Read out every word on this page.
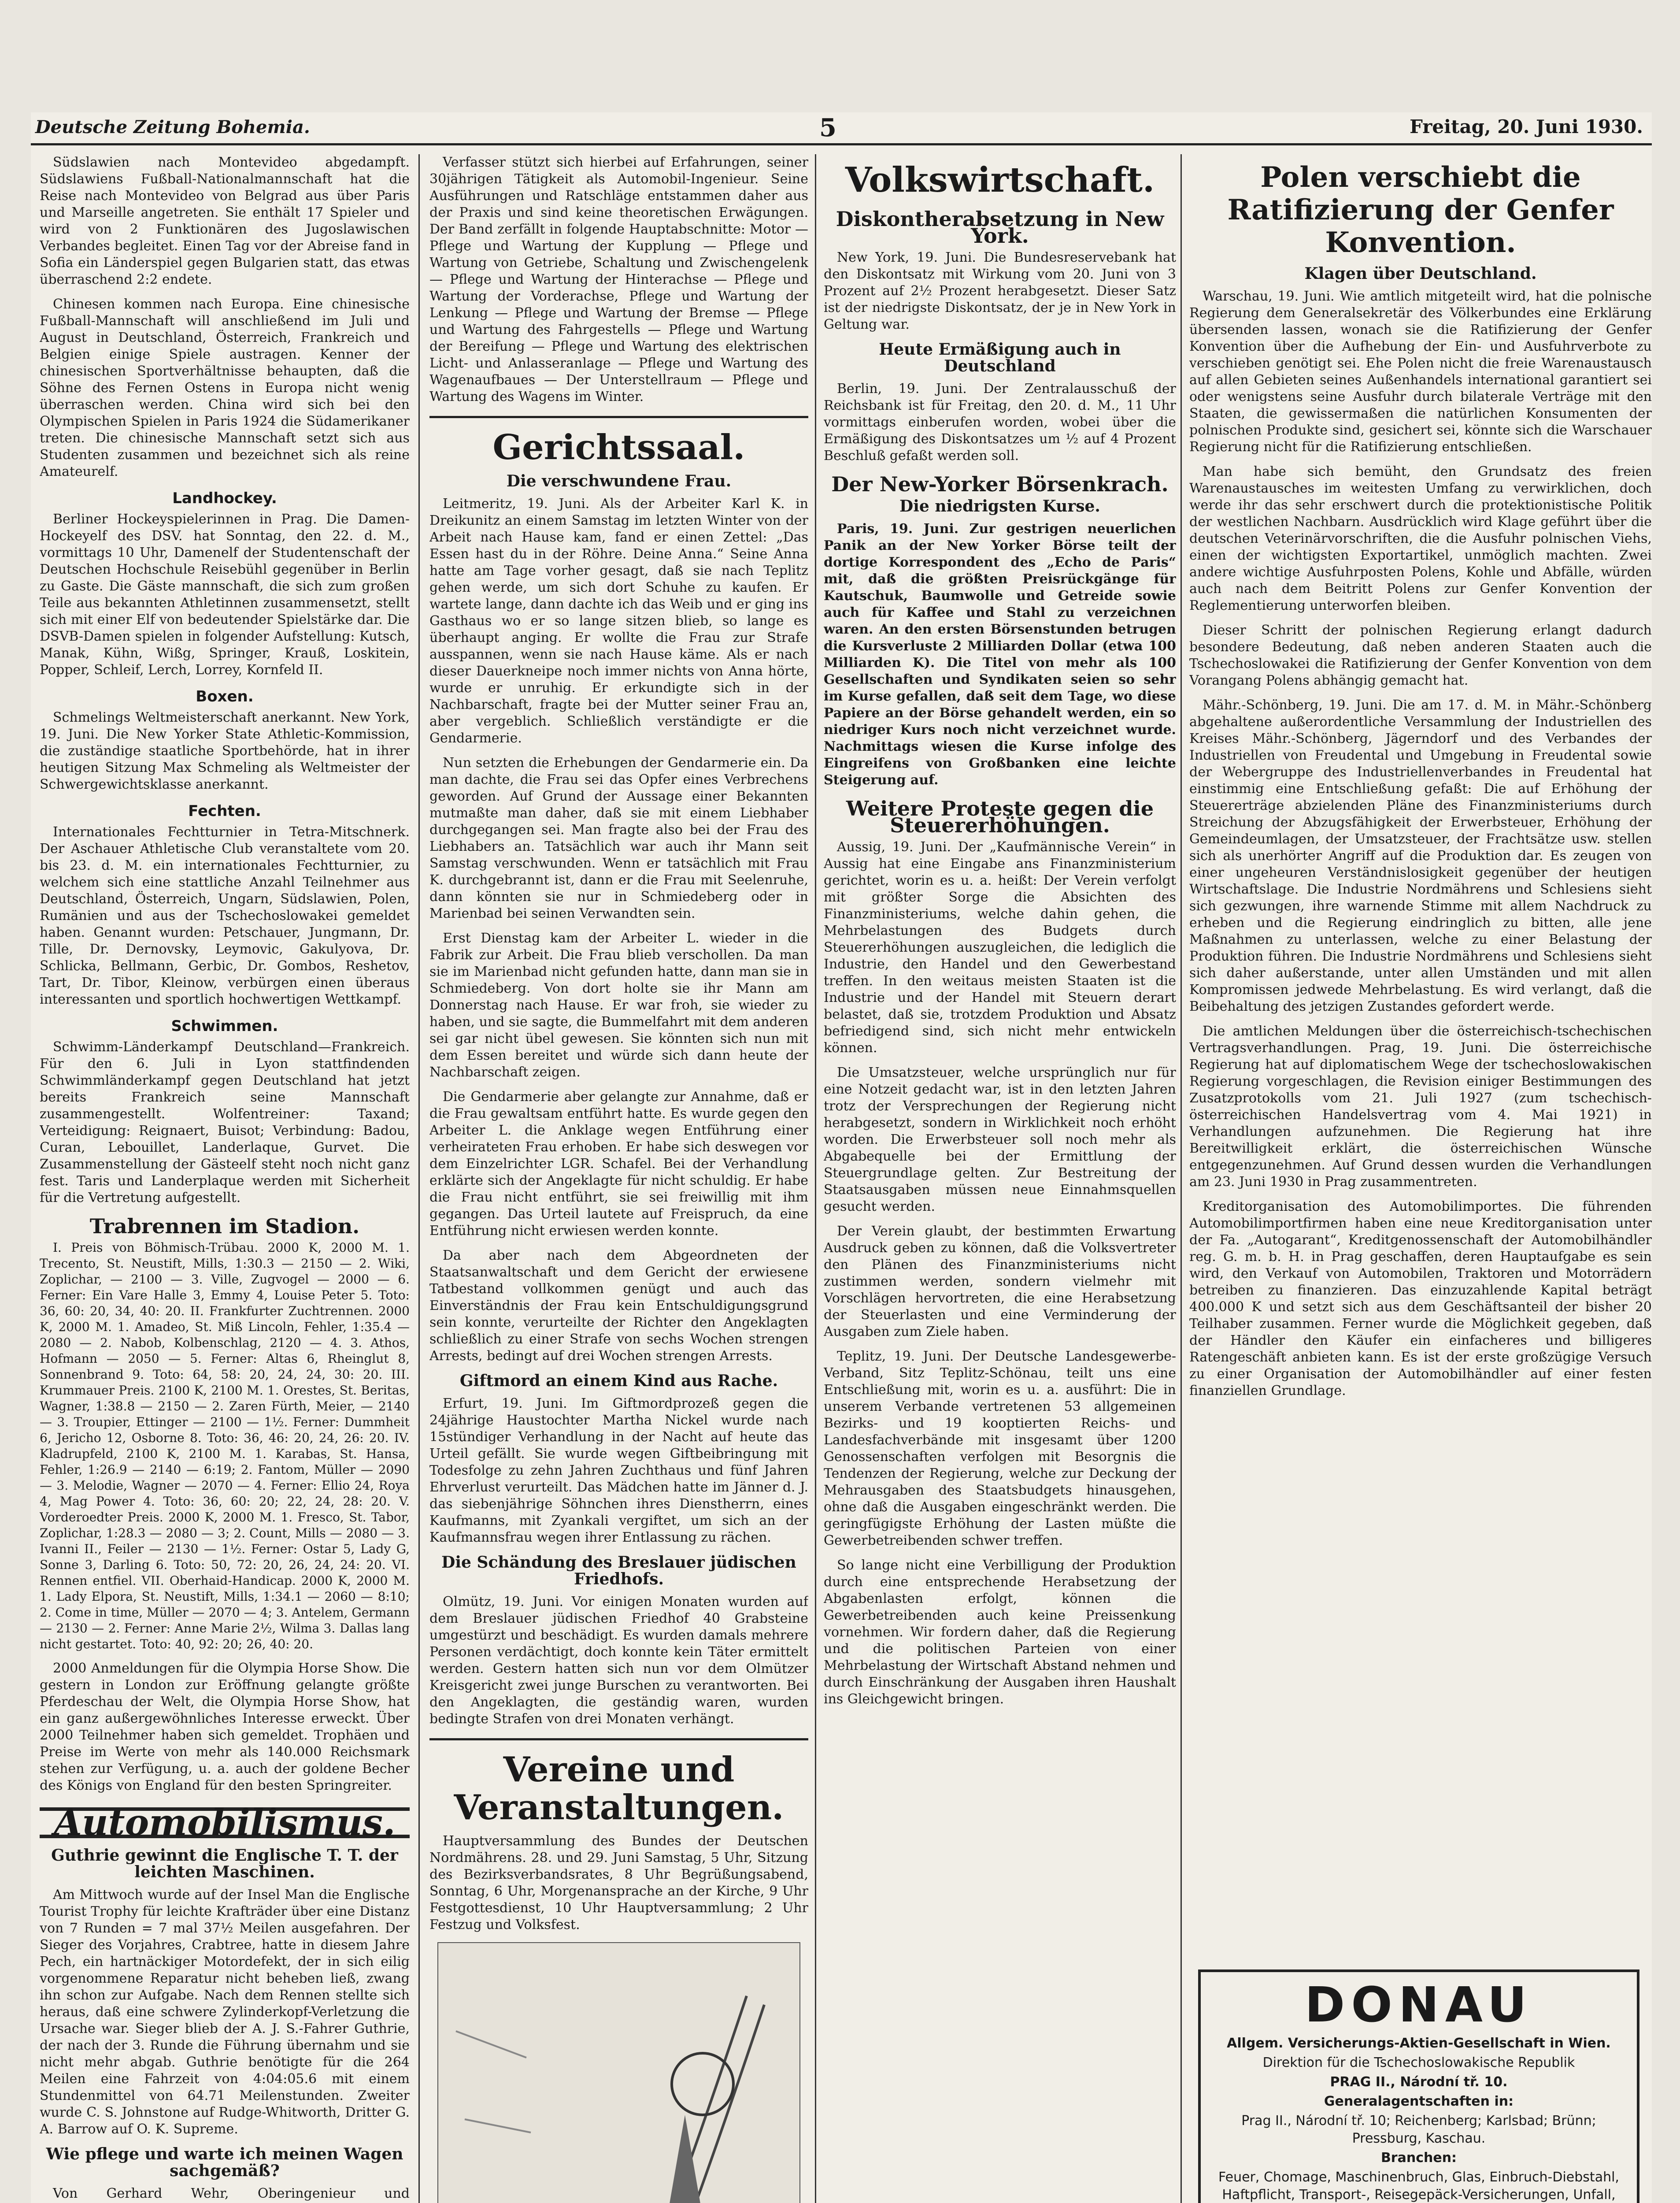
Deutsche Zeitung Bohemia.	5	Freitag, 20. Juni 1930.

Südslawien nach Montevideo abgedampft. Südslawiens Fußball-Nationalmannschaft hat die Reise nach Montevideo von Belgrad aus über Paris und Marseille angetreten. Sie enthält 17 Spieler und wird von 2 Funktionären des Jugoslawischen Verbandes begleitet. Einen Tag vor der Abreise fand in Sofia ein Länderspiel gegen Bulgarien statt, das etwas überraschend 2:2 endete.

Chinesen kommen nach Europa. Eine chinesische Fußball-Mannschaft will anschließend im Juli und August in Deutschland, Österreich, Frankreich und Belgien einige Spiele austragen. Kenner der chinesischen Sportverhältnisse behaupten, daß die Söhne des Fernen Ostens in Europa nicht wenig überraschen werden. China wird sich bei den Olympischen Spielen in Paris 1924 die Südamerikaner treten. Die chinesische Mannschaft setzt sich aus Studenten zusammen und bezeichnet sich als reine Amateurelf.

Landhockey.

Berliner Hockeyspielerinnen in Prag. Die Damen-Hockeyelf des DSV. hat Sonntag, den 22. d. M., vormittags 10 Uhr, Damenelf der Studentenschaft der Deutschen Hochschule Reisebühl gegenüber in Berlin zu Gaste. Die Gäste mannschaft, die sich zum großen Teile aus bekannten Athletinnen zusammensetzt, stellt sich mit einer Elf von bedeutender Spielstärke dar. Die DSVB-Damen spielen in folgender Aufstellung: Kutsch, Manak, Kühn, Wißg, Springer, Krauß, Loskitein, Popper, Schleif, Lerch, Lorrey, Kornfeld II.

Boxen.

Schmelings Weltmeisterschaft anerkannt. New York, 19. Juni. Die New Yorker State Athletic-Kommission, die zuständige staatliche Sportbehörde, hat in ihrer heutigen Sitzung Max Schmeling als Weltmeister der Schwergewichtsklasse anerkannt.

Fechten.

Internationales Fechtturnier in Tetra-Mitschnerk. Der Aschauer Athletische Club veranstaltete vom 20. bis 23. d. M. ein internationales Fechtturnier, zu welchem sich eine stattliche Anzahl Teilnehmer aus Deutschland, Österreich, Ungarn, Südslawien, Polen, Rumänien und aus der Tschechoslowakei gemeldet haben. Genannt wurden: Petschauer, Jungmann, Dr. Tille, Dr. Dernovsky, Leymovic, Gakulyova, Dr. Schlicka, Bellmann, Gerbic, Dr. Gombos, Reshetov, Tart, Dr. Tibor, Kleinow, verbürgen einen überaus interessanten und sportlich hochwertigen Wettkampf.

Schwimmen.

Schwimm-Länderkampf Deutschland—Frankreich. Für den 6. Juli in Lyon stattfindenden Schwimmländerkampf gegen Deutschland hat jetzt bereits Frankreich seine Mannschaft zusammengestellt. Wolfentreiner: Taxand; Verteidigung: Reignaert, Buisot; Verbindung: Badou, Curan, Lebouillet, Landerlaque, Gurvet. Die Zusammenstellung der Gästeelf steht noch nicht ganz fest. Taris und Landerplaque werden mit Sicherheit für die Vertretung aufgestellt.

Trabrennen im Stadion.

I. Preis von Böhmisch-Trübau. 2000 K, 2000 M. 1. Trecento, St. Neustift, Mills, 1:30.3 — 2150 — 2. Wiki, Zoplichar, — 2100 — 3. Ville, Zugvogel — 2000 — 6. Ferner: Ein Vare Halle 3, Emmy 4, Louise Peter 5. Toto: 36, 60: 20, 34, 40: 20. II. Frankfurter Zuchtrennen. 2000 K, 2000 M. 1. Amadeo, St. Miß Lincoln, Fehler, 1:35.4 — 2080 — 2. Nabob, Kolbenschlag, 2120 — 4. 3. Athos, Hofmann — 2050 — 5. Ferner: Altas 6, Rheinglut 8, Sonnenbrand 9. Toto: 64, 58: 20, 24, 24, 30: 20. III. Krummauer Preis. 2100 K, 2100 M. 1. Orestes, St. Beritas, Wagner, 1:38.8 — 2150 — 2. Zaren Fürth, Meier, — 2140 — 3. Troupier, Ettinger — 2100 — 1½. Ferner: Dummheit 6, Jericho 12, Osborne 8. Toto: 36, 46: 20, 24, 26: 20. IV. Kladrupfeld, 2100 K, 2100 M. 1. Karabas, St. Hansa, Fehler, 1:26.9 — 2140 — 6:19; 2. Fantom, Müller — 2090 — 3. Melodie, Wagner — 2070 — 4. Ferner: Ellio 24, Roya 4, Mag Power 4. Toto: 36, 60: 20; 22, 24, 28: 20. V. Vorderoedter Preis. 2000 K, 2000 M. 1. Fresco, St. Tabor, Zoplichar, 1:28.3 — 2080 — 3; 2. Count, Mills — 2080 — 3. Ivanni II., Feiler — 2130 — 1½. Ferner: Ostar 5, Lady G, Sonne 3, Darling 6. Toto: 50, 72: 20, 26, 24, 24: 20. VI. Rennen entfiel. VII. Oberhaid-Handicap. 2000 K, 2000 M. 1. Lady Elpora, St. Neustift, Mills, 1:34.1 — 2060 — 8:10; 2. Come in time, Müller — 2070 — 4; 3. Antelem, Germann — 2130 — 2. Ferner: Anne Marie 2½, Wilma 3. Dallas lang nicht gestartet. Toto: 40, 92: 20; 26, 40: 20.

2000 Anmeldungen für die Olympia Horse Show. Die gestern in London zur Eröffnung gelangte größte Pferdeschau der Welt, die Olympia Horse Show, hat ein ganz außergewöhnliches Interesse erweckt. Über 2000 Teilnehmer haben sich gemeldet. Trophäen und Preise im Werte von mehr als 140.000 Reichsmark stehen zur Verfügung, u. a. auch der goldene Becher des Königs von England für den besten Springreiter.

Automobilismus.
Guthrie gewinnt die Englische T. T. der leichten Maschinen.

Am Mittwoch wurde auf der Insel Man die Englische Tourist Trophy für leichte Krafträder über eine Distanz von 7 Runden = 7 mal 37½ Meilen ausgefahren. Der Sieger des Vorjahres, Crabtree, hatte in diesem Jahre Pech, ein hartnäckiger Motordefekt, der in sich eilig vorgenommene Reparatur nicht beheben ließ, zwang ihn schon zur Aufgabe. Nach dem Rennen stellte sich heraus, daß eine schwere Zylinderkopf-Verletzung die Ursache war. Sieger blieb der A. J. S.-Fahrer Guthrie, der nach der 3. Runde die Führung übernahm und sie nicht mehr abgab. Guthrie benötigte für die 264 Meilen eine Fahrzeit von 4:04:05.6 mit einem Stundenmittel von 64.71 Meilenstunden. Zweiter wurde C. S. Johnstone auf Rudge-Whitworth, Dritter G. A. Barrow auf O. K. Supreme.

Wie pflege und warte ich meinen Wagen sachgemäß?

Von Gerhard Wehr, Oberingenieur und

Verfasser stützt sich hierbei auf Erfahrungen, seiner 30jährigen Tätigkeit als Automobil-Ingenieur. Seine Ausführungen und Ratschläge entstammen daher aus der Praxis und sind keine theoretischen Erwägungen. Der Band zerfällt in folgende Hauptabschnitte: Motor — Pflege und Wartung der Kupplung — Pflege und Wartung von Getriebe, Schaltung und Zwischengelenk — Pflege und Wartung der Hinterachse — Pflege und Wartung der Vorderachse, Pflege und Wartung der Lenkung — Pflege und Wartung der Bremse — Pflege und Wartung des Fahrgestells — Pflege und Wartung der Bereifung — Pflege und Wartung des elektrischen Licht- und Anlasseranlage — Pflege und Wartung des Wagenaufbaues — Der Unterstellraum — Pflege und Wartung des Wagens im Winter.

Gerichtssaal.
Die verschwundene Frau.

Leitmeritz, 19. Juni. Als der Arbeiter Karl K. in Dreikunitz an einem Samstag im letzten Winter von der Arbeit nach Hause kam, fand er einen Zettel: „Das Essen hast du in der Röhre. Deine Anna.“ Seine Anna hatte am Tage vorher gesagt, daß sie nach Teplitz gehen werde, um sich dort Schuhe zu kaufen. Er wartete lange, dann dachte ich das Weib und er ging ins Gasthaus wo er so lange sitzen blieb, so lange es überhaupt anging. Er wollte die Frau zur Strafe ausspannen, wenn sie nach Hause käme. Als er nach dieser Dauerkneipe noch immer nichts von Anna hörte, wurde er unruhig. Er erkundigte sich in der Nachbarschaft, fragte bei der Mutter seiner Frau an, aber vergeblich. Schließlich verständigte er die Gendarmerie.

Nun setzten die Erhebungen der Gendarmerie ein. Da man dachte, die Frau sei das Opfer eines Verbrechens geworden. Auf Grund der Aussage einer Bekannten mutmaßte man daher, daß sie mit einem Liebhaber durchgegangen sei. Man fragte also bei der Frau des Liebhabers an. Tatsächlich war auch ihr Mann seit Samstag verschwunden. Wenn er tatsächlich mit Frau K. durchgebrannt ist, dann er die Frau mit Seelenruhe, dann könnten sie nur in Schmiedeberg oder in Marienbad bei seinen Verwandten sein.

Erst Dienstag kam der Arbeiter L. wieder in die Fabrik zur Arbeit. Die Frau blieb verschollen. Da man sie im Marienbad nicht gefunden hatte, dann man sie in Schmiedeberg. Von dort holte sie ihr Mann am Donnerstag nach Hause. Er war froh, sie wieder zu haben, und sie sagte, die Bummelfahrt mit dem anderen sei gar nicht übel gewesen. Sie könnten sich nun mit dem Essen bereitet und würde sich dann heute der Nachbarschaft zeigen.

Die Gendarmerie aber gelangte zur Annahme, daß er die Frau gewaltsam entführt hatte. Es wurde gegen den Arbeiter L. die Anklage wegen Entführung einer verheirateten Frau erhoben. Er habe sich deswegen vor dem Einzelrichter LGR. Schafel. Bei der Verhandlung erklärte sich der Angeklagte für nicht schuldig. Er habe die Frau nicht entführt, sie sei freiwillig mit ihm gegangen. Das Urteil lautete auf Freispruch, da eine Entführung nicht erwiesen werden konnte.

Da aber nach dem Abgeordneten der Staatsanwaltschaft und dem Gericht der erwiesene Tatbestand vollkommen genügt und auch das Einverständnis der Frau kein Entschuldigungsgrund sein konnte, verurteilte der Richter den Angeklagten schließlich zu einer Strafe von sechs Wochen strengen Arrests, bedingt auf drei Wochen strengen Arrests.

Giftmord an einem Kind aus Rache.

Erfurt, 19. Juni. Im Giftmordprozeß gegen die 24jährige Haustochter Martha Nickel wurde nach 15stündiger Verhandlung in der Nacht auf heute das Urteil gefällt. Sie wurde wegen Giftbeibringung mit Todesfolge zu zehn Jahren Zuchthaus und fünf Jahren Ehrverlust verurteilt. Das Mädchen hatte im Jänner d. J. das siebenjährige Söhnchen ihres Dienstherrn, eines Kaufmanns, mit Zyankali vergiftet, um sich an der Kaufmannsfrau wegen ihrer Entlassung zu rächen.

Die Schändung des Breslauer jüdischen Friedhofs.

Olmütz, 19. Juni. Vor einigen Monaten wurden auf dem Breslauer jüdischen Friedhof 40 Grabsteine umgestürzt und beschädigt. Es wurden damals mehrere Personen verdächtigt, doch konnte kein Täter ermittelt werden. Gestern hatten sich nun vor dem Olmützer Kreisgericht zwei junge Burschen zu verantworten. Bei den Angeklagten, die geständig waren, wurden bedingte Strafen von drei Monaten verhängt.

Vereine und Veranstaltungen.

Hauptversammlung des Bundes der Deutschen Nordmährens. 28. und 29. Juni Samstag, 5 Uhr, Sitzung des Bezirksverbandsrates, 8 Uhr Begrüßungsabend, Sonntag, 6 Uhr, Morgenansprache an der Kirche, 9 Uhr Festgottesdienst, 10 Uhr Hauptversammlung; 2 Uhr Festzug und Volksfest.

Volkswirtschaft.
Diskontherabsetzung in New York.

New York, 19. Juni. Die Bundesreservebank hat den Diskontsatz mit Wirkung vom 20. Juni von 3 Prozent auf 2½ Prozent herabgesetzt. Dieser Satz ist der niedrigste Diskontsatz, der je in New York in Geltung war.

Heute Ermäßigung auch in Deutschland

Berlin, 19. Juni. Der Zentralausschuß der Reichsbank ist für Freitag, den 20. d. M., 11 Uhr vormittags einberufen worden, wobei über die Ermäßigung des Diskontsatzes um ½ auf 4 Prozent Beschluß gefaßt werden soll.

Der New-Yorker Börsenkrach.
Die niedrigsten Kurse.

Paris, 19. Juni. Zur gestrigen neuerlichen Panik an der New Yorker Börse teilt der dortige Korrespondent des „Echo de Paris“ mit, daß die größten Preisrückgänge für Kautschuk, Baumwolle und Getreide sowie auch für Kaffee und Stahl zu verzeichnen waren. An den ersten Börsenstunden betrugen die Kursverluste 2 Milliarden Dollar (etwa 100 Milliarden K). Die Titel von mehr als 100 Gesellschaften und Syndikaten seien so sehr im Kurse gefallen, daß seit dem Tage, wo diese Papiere an der Börse gehandelt werden, ein so niedriger Kurs noch nicht verzeichnet wurde. Nachmittags wiesen die Kurse infolge des Eingreifens von Großbanken eine leichte Steigerung auf.

Weitere Proteste gegen die Steuererhöhungen.

Aussig, 19. Juni. Der „Kaufmännische Verein“ in Aussig hat eine Eingabe ans Finanzministerium gerichtet, worin es u. a. heißt: Der Verein verfolgt mit größter Sorge die Absichten des Finanzministeriums, welche dahin gehen, die Mehrbelastungen des Budgets durch Steuererhöhungen auszugleichen, die lediglich die Industrie, den Handel und den Gewerbestand treffen. In den weitaus meisten Staaten ist die Industrie und der Handel mit Steuern derart belastet, daß sie, trotzdem Produktion und Absatz befriedigend sind, sich nicht mehr entwickeln können.

Die Umsatzsteuer, welche ursprünglich nur für eine Notzeit gedacht war, ist in den letzten Jahren trotz der Versprechungen der Regierung nicht herabgesetzt, sondern in Wirklichkeit noch erhöht worden. Die Erwerbsteuer soll noch mehr als Abgabequelle bei der Ermittlung der Steuergrundlage gelten. Zur Bestreitung der Staatsausgaben müssen neue Einnahmsquellen gesucht werden.

Der Verein glaubt, der bestimmten Erwartung Ausdruck geben zu können, daß die Volksvertreter den Plänen des Finanzministeriums nicht zustimmen werden, sondern vielmehr mit Vorschlägen hervortreten, die eine Herabsetzung der Steuerlasten und eine Verminderung der Ausgaben zum Ziele haben.

Teplitz, 19. Juni. Der Deutsche Landesgewerbe-Verband, Sitz Teplitz-Schönau, teilt uns eine Entschließung mit, worin es u. a. ausführt: Die in unserem Verbande vertretenen 53 allgemeinen Bezirks- und 19 kooptierten Reichs- und Landesfachverbände mit insgesamt über 1200 Genossenschaften verfolgen mit Besorgnis die Tendenzen der Regierung, welche zur Deckung der Mehrausgaben des Staatsbudgets hinausgehen, ohne daß die Ausgaben eingeschränkt werden. Die geringfügigste Erhöhung der Lasten müßte die Gewerbetreibenden schwer treffen.

So lange nicht eine Verbilligung der Produktion durch eine entsprechende Herabsetzung der Abgabenlasten erfolgt, können die Gewerbetreibenden auch keine Preissenkung vornehmen. Wir fordern daher, daß die Regierung und die politischen Parteien von einer Mehrbelastung der Wirtschaft Abstand nehmen und durch Einschränkung der Ausgaben ihren Haushalt ins Gleichgewicht bringen.

Polen verschiebt die Ratifizierung der Genfer Konvention.
Klagen über Deutschland.

Warschau, 19. Juni. Wie amtlich mitgeteilt wird, hat die polnische Regierung dem Generalsekretär des Völkerbundes eine Erklärung übersenden lassen, wonach sie die Ratifizierung der Genfer Konvention über die Aufhebung der Ein- und Ausfuhrverbote zu verschieben genötigt sei. Ehe Polen nicht die freie Warenaustausch auf allen Gebieten seines Außenhandels international garantiert sei oder wenigstens seine Ausfuhr durch bilaterale Verträge mit den Staaten, die gewissermaßen die natürlichen Konsumenten der polnischen Produkte sind, gesichert sei, könnte sich die Warschauer Regierung nicht für die Ratifizierung entschließen.

Man habe sich bemüht, den Grundsatz des freien Warenaustausches im weitesten Umfang zu verwirklichen, doch werde ihr das sehr erschwert durch die protektionistische Politik der westlichen Nachbarn. Ausdrücklich wird Klage geführt über die deutschen Veterinärvorschriften, die die Ausfuhr polnischen Viehs, einen der wichtigsten Exportartikel, unmöglich machten. Zwei andere wichtige Ausfuhrposten Polens, Kohle und Abfälle, würden auch nach dem Beitritt Polens zur Genfer Konvention der Reglementierung unterworfen bleiben.

Dieser Schritt der polnischen Regierung erlangt dadurch besondere Bedeutung, daß neben anderen Staaten auch die Tschechoslowakei die Ratifizierung der Genfer Konvention von dem Vorangang Polens abhängig gemacht hat.

Mähr.-Schönberg, 19. Juni. Die am 17. d. M. in Mähr.-Schönberg abgehaltene außerordentliche Versammlung der Industriellen des Kreises Mähr.-Schönberg, Jägerndorf und des Verbandes der Industriellen von Freudental und Umgebung in Freudental sowie der Webergruppe des Industriellenverbandes in Freudental hat einstimmig eine Entschließung gefaßt: Die auf Erhöhung der Steuererträge abzielenden Pläne des Finanzministeriums durch Streichung der Abzugsfähigkeit der Erwerbsteuer, Erhöhung der Gemeindeumlagen, der Umsatzsteuer, der Frachtsätze usw. stellen sich als unerhörter Angriff auf die Produktion dar. Es zeugen von einer ungeheuren Verständnislosigkeit gegenüber der heutigen Wirtschaftslage. Die Industrie Nordmährens und Schlesiens sieht sich gezwungen, ihre warnende Stimme mit allem Nachdruck zu erheben und die Regierung eindringlich zu bitten, alle jene Maßnahmen zu unterlassen, welche zu einer Belastung der Produktion führen. Die Industrie Nordmährens und Schlesiens sieht sich daher außerstande, unter allen Umständen und mit allen Kompromissen jedwede Mehrbelastung. Es wird verlangt, daß die Beibehaltung des jetzigen Zustandes gefordert werde.

Die amtlichen Meldungen über die österreichisch-tschechischen Vertragsverhandlungen. Prag, 19. Juni. Die österreichische Regierung hat auf diplomatischem Wege der tschechoslowakischen Regierung vorgeschlagen, die Revision einiger Bestimmungen des Zusatzprotokolls vom 21. Juli 1927 (zum tschechisch-österreichischen Handelsvertrag vom 4. Mai 1921) in Verhandlungen aufzunehmen. Die Regierung hat ihre Bereitwilligkeit erklärt, die österreichischen Wünsche entgegenzunehmen. Auf Grund dessen wurden die Verhandlungen am 23. Juni 1930 in Prag zusammentreten.

Kreditorganisation des Automobilimportes. Die führenden Automobilimportfirmen haben eine neue Kreditorganisation unter der Fa. „Autogarant“, Kreditgenossenschaft der Automobilhändler reg. G. m. b. H. in Prag geschaffen, deren Hauptaufgabe es sein wird, den Verkauf von Automobilen, Traktoren und Motorrädern betreiben zu finanzieren. Das einzuzahlende Kapital beträgt 400.000 K und setzt sich aus dem Geschäftsanteil der bisher 20 Teilhaber zusammen. Ferner wurde die Möglichkeit gegeben, daß der Händler den Käufer ein einfacheres und billigeres Ratengeschäft anbieten kann. Es ist der erste großzügige Versuch zu einer Organisation der Automobilhändler auf einer festen finanziellen Grundlage.

DONAU
Allgem. Versicherungs-Aktien-Gesellschaft in Wien.
Direktion für die Tschechoslowakische Republik
PRAG II., Národní tř. 10.
Generalagentschaften in:
Prag II., Národní tř. 10; Reichenberg; Karlsbad; Brünn; Pressburg, Kaschau.
Branchen:
Feuer, Chomage, Maschinenbruch, Glas, Einbruch-Diebstahl, Haftpflicht, Transport-, Reisegepäck-Versicherungen, Unfall,
